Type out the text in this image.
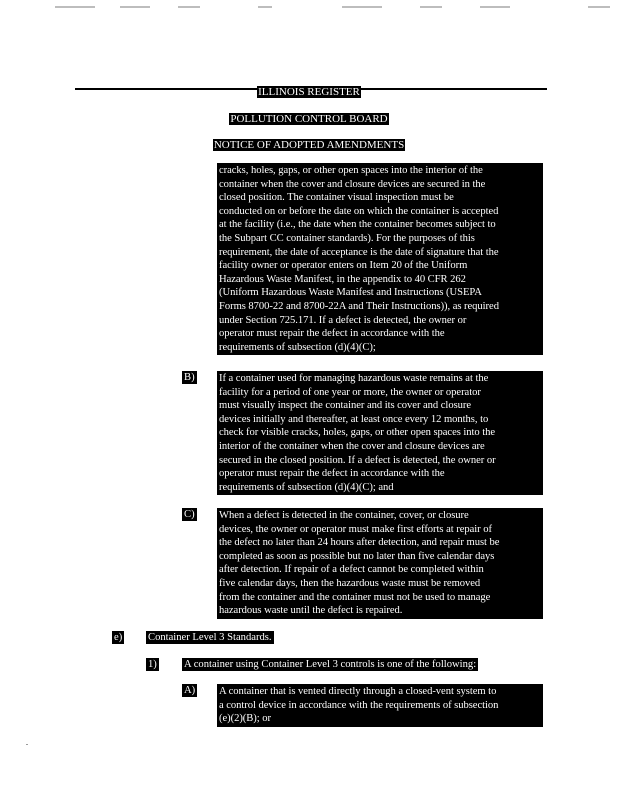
ILLINOIS REGISTER
POLLUTION CONTROL BOARD
NOTICE OF ADOPTED AMENDMENTS
cracks, holes, gaps, or other open spaces into the interior of the
container when the cover and closure devices are secured in the
closed position. The container visual inspection must be
conducted on or before the date on which the container is accepted
at the facility (i.e., the date when the container becomes subject to
the Subpart CC container standards). For the purposes of this
requirement, the date of acceptance is the date of signature that the
facility owner or operator enters on Item 20 of the Uniform
Hazardous Waste Manifest, in the appendix to 40 CFR 262
(Uniform Hazardous Waste Manifest and Instructions (USEPA
Forms 8700-22 and 8700-22A and Their Instructions)), as required
under Section 725.171. If a defect is detected, the owner or
operator must repair the defect in accordance with the
requirements of subsection (d)(4)(C);
B) If a container used for managing hazardous waste remains at the
facility for a period of one year or more, the owner or operator
must visually inspect the container and its cover and closure
devices initially and thereafter, at least once every 12 months, to
check for visible cracks, holes, gaps, or other open spaces into the
interior of the container when the cover and closure devices are
secured in the closed position. If a defect is detected, the owner or
operator must repair the defect in accordance with the
requirements of subsection (d)(4)(C); and
C) When a defect is detected in the container, cover, or closure
devices, the owner or operator must make first efforts at repair of
the defect no later than 24 hours after detection, and repair must be
completed as soon as possible but no later than five calendar days
after detection. If repair of a defect cannot be completed within
five calendar days, then the hazardous waste must be removed
from the container and the container must not be used to manage
hazardous waste until the defect is repaired.
e) Container Level 3 Standards.
1)	A container using Container Level 3 controls is one of the following:
A) A container that is vented directly through a closed-vent system to
a control device in accordance with the requirements of subsection
(e)(2)(B); or
